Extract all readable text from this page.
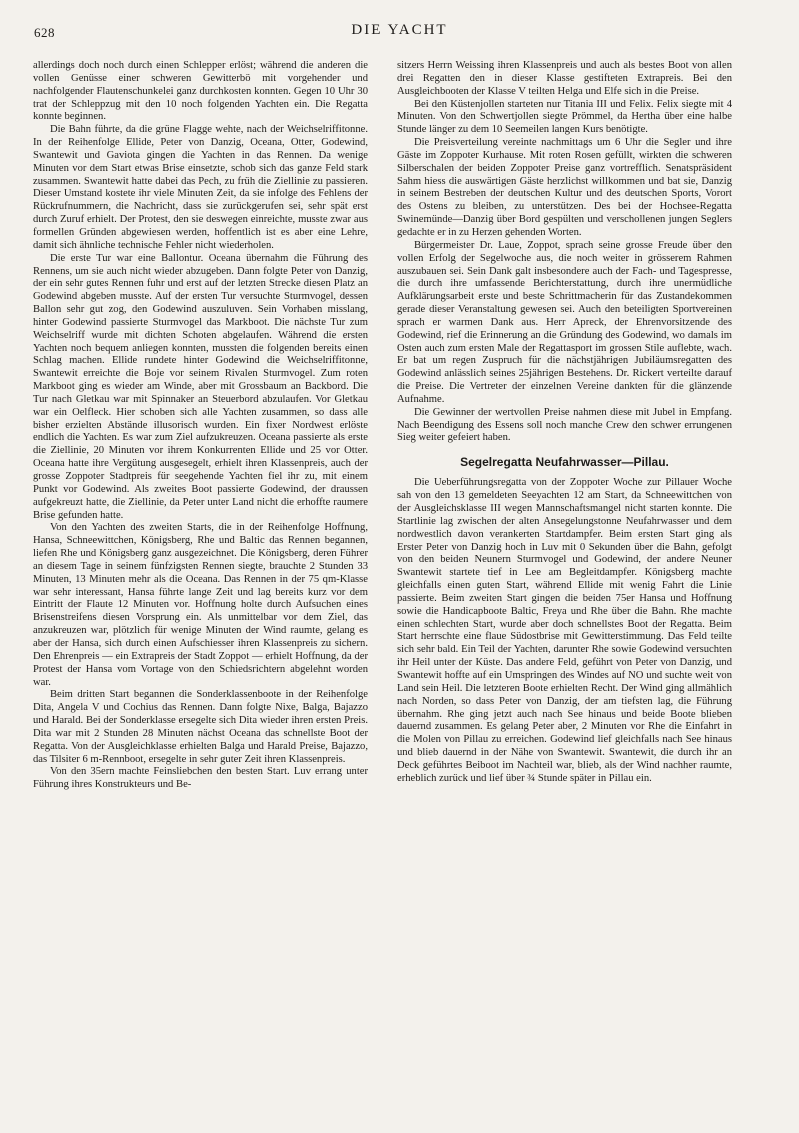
628	DIE YACHT

allerdings doch noch durch einen Schlepper erlöst; während die anderen die vollen Genüsse einer schweren Gewitterbö mit vorgehender und nachfolgender Flautenschunkelei ganz durchkosten konnten. Gegen 10 Uhr 30 trat der Schleppzug mit den 10 noch folgenden Yachten ein. Die Regatta konnte beginnen.

Die Bahn führte, da die grüne Flagge wehte, nach der Weichselriffitonne. In der Reihenfolge Ellide, Peter von Danzig, Oceana, Otter, Godewind, Swantewit und Gaviota gingen die Yachten in das Rennen. Da wenige Minuten vor dem Start etwas Brise einsetzte, schob sich das ganze Feld stark zusammen. Swantewit hatte dabei das Pech, zu früh die Ziellinie zu passieren. Dieser Umstand kostete ihr viele Minuten Zeit, da sie infolge des Fehlens der Rückrufnummern, die Nachricht, dass sie zurückgerufen sei, sehr spät erst durch Zuruf erhielt. Der Protest, den sie deswegen einreichte, musste zwar aus formellen Gründen abgewiesen werden, hoffentlich ist es aber eine Lehre, damit sich ähnliche technische Fehler nicht wiederholen.

Die erste Tur war eine Ballontur. Oceana übernahm die Führung des Rennens, um sie auch nicht wieder abzugeben. Dann folgte Peter von Danzig, der ein sehr gutes Rennen fuhr und erst auf der letzten Strecke diesen Platz an Godewind abgeben musste. Auf der ersten Tur versuchte Sturmvogel, dessen Ballon sehr gut zog, den Godewind auszuluven. Sein Vorhaben misslang, hinter Godewind passierte Sturmvogel das Markboot. Die nächste Tur zum Weichselriff wurde mit dichten Schoten abgelaufen. Während die ersten Yachten noch bequem anliegen konnten, mussten die folgenden bereits einen Schlag machen. Ellide rundete hinter Godewind die Weichselriffitonne, Swantewit erreichte die Boje vor seinem Rivalen Sturmvogel. Zum roten Markboot ging es wieder am Winde, aber mit Grossbaum an Backbord. Die Tur nach Gletkau war mit Spinnaker an Steuerbord abzulaufen. Vor Gletkau war ein Oelfleck. Hier schoben sich alle Yachten zusammen, so dass alle bisher erzielten Abstände illusorisch wurden. Ein fixer Nordwest erlöste endlich die Yachten. Es war zum Ziel aufzukreuzen. Oceana passierte als erste die Ziellinie, 20 Minuten vor ihrem Konkurrenten Ellide und 25 vor Otter. Oceana hatte ihre Vergütung ausgesegelt, erhielt ihren Klassenpreis, auch der grosse Zoppoter Stadtpreis für seegehende Yachten fiel ihr zu, mit einem Punkt vor Godewind. Als zweites Boot passierte Godewind, der draussen aufgekreuzt hatte, die Ziellinie, da Peter unter Land nicht die erhoffte raumere Brise gefunden hatte.

Von den Yachten des zweiten Starts, die in der Reihenfolge Hoffnung, Hansa, Schneewittchen, Königsberg, Rhe und Baltic das Rennen begannen, liefen Rhe und Königsberg ganz ausgezeichnet. Die Königsberg, deren Führer an diesem Tage in seinem fünfzigsten Rennen siegte, brauchte 2 Stunden 33 Minuten, 13 Minuten mehr als die Oceana. Das Rennen in der 75 qm-Klasse war sehr interessant, Hansa führte lange Zeit und lag bereits kurz vor dem Eintritt der Flaute 12 Minuten vor. Hoffnung holte durch Aufsuchen eines Brisenstreifens diesen Vorsprung ein. Als unmittelbar vor dem Ziel, das anzukreuzen war, plötzlich für wenige Minuten der Wind raumte, gelang es aber der Hansa, sich durch einen Aufschiesser ihren Klassenpreis zu sichern. Den Ehrenpreis — ein Extrapreis der Stadt Zoppot — erhielt Hoffnung, da der Protest der Hansa vom Vortage von den Schiedsrichtern abgelehnt worden war.

Beim dritten Start begannen die Sonderklassenboote in der Reihenfolge Dita, Angela V und Cochius das Rennen. Dann folgte Nixe, Balga, Bajazzo und Harald. Bei der Sonderklasse ersegelte sich Dita wieder ihren ersten Preis. Dita war mit 2 Stunden 28 Minuten nächst Oceana das schnellste Boot der Regatta. Von der Ausgleichklasse erhielten Balga und Harald Preise, Bajazzo, das Tilsiter 6 m-Rennboot, ersegelte in sehr guter Zeit ihren Klassenpreis.

Von den 35ern machte Feinsliebchen den besten Start. Luv errang unter Führung ihres Konstrukteurs und Be-

sitzers Herrn Weissing ihren Klassenpreis und auch als bestes Boot von allen drei Regatten den in dieser Klasse gestifteten Extrapreis. Bei den Ausgleichbooten der Klasse V teilten Helga und Elfe sich in die Preise.

Bei den Küstenjollen starteten nur Titania III und Felix. Felix siegte mit 4 Minuten. Von den Schwertjollen siegte Prömmel, da Hertha über eine halbe Stunde länger zu dem 10 Seemeilen langen Kurs benötigte.

Die Preisverteilung vereinte nachmittags um 6 Uhr die Segler und ihre Gäste im Zoppoter Kurhause. Mit roten Rosen gefüllt, wirkten die schweren Silberschalen der beiden Zoppoter Preise ganz vortrefflich. Senatspräsident Sahm hiess die auswärtigen Gäste herzlichst willkommen und bat sie, Danzig in seinem Bestreben der deutschen Kultur und des deutschen Sports, Vorort des Ostens zu bleiben, zu unterstützen. Des bei der Hochsee-Regatta Swinemünde—Danzig über Bord gespülten und verschollenen jungen Seglers gedachte er in zu Herzen gehenden Worten.

Bürgermeister Dr. Laue, Zoppot, sprach seine grosse Freude über den vollen Erfolg der Segelwoche aus, die noch weiter in grösserem Rahmen auszubauen sei. Sein Dank galt insbesondere auch der Fach- und Tagespresse, die durch ihre umfassende Berichterstattung, durch ihre unermüdliche Aufklärungsarbeit erste und beste Schrittmacherin für das Zustandekommen gerade dieser Veranstaltung gewesen sei. Auch den beteiligten Sportvereinen sprach er warmen Dank aus. Herr Apreck, der Ehrenvorsitzende des Godewind, rief die Erinnerung an die Gründung des Godewind, wo damals im Osten auch zum ersten Male der Regattasport im grossen Stile auflebte, wach. Er bat um regen Zuspruch für die nächstjährigen Jubiläumsregatten des Godewind anlässlich seines 25jährigen Bestehens. Dr. Rickert verteilte darauf die Preise. Die Vertreter der einzelnen Vereine dankten für die glänzende Aufnahme.

Die Gewinner der wertvollen Preise nahmen diese mit Jubel in Empfang. Nach Beendigung des Essens soll noch manche Crew den schwer errungenen Sieg weiter gefeiert haben.

Segelregatta Neufahrwasser—Pillau.

Die Ueberführungsregatta von der Zoppoter Woche zur Pillauer Woche sah von den 13 gemeldeten Seeyachten 12 am Start, da Schneewittchen von der Ausgleichsklasse III wegen Mannschaftsmangel nicht starten konnte. Die Startlinie lag zwischen der alten Ansegelungstonne Neufahrwasser und dem nordwestlich davon verankerten Startdampfer. Beim ersten Start ging als Erster Peter von Danzig hoch in Luv mit 0 Sekunden über die Bahn, gefolgt von den beiden Neunern Sturmvogel und Godewind, der andere Neuner Swantewit startete tief in Lee am Begleitdampfer. Königsberg machte gleichfalls einen guten Start, während Ellide mit wenig Fahrt die Linie passierte. Beim zweiten Start gingen die beiden 75er Hansa und Hoffnung sowie die Handicapboote Baltic, Freya und Rhe über die Bahn. Rhe machte einen schlechten Start, wurde aber doch schnellstes Boot der Regatta. Beim Start herrschte eine flaue Südostbrise mit Gewitterstimmung. Das Feld teilte sich sehr bald. Ein Teil der Yachten, darunter Rhe sowie Godewind versuchten ihr Heil unter der Küste. Das andere Feld, geführt von Peter von Danzig, und Swantewit hoffte auf ein Umspringen des Windes auf NO und suchte weit von Land sein Heil. Die letzteren Boote erhielten Recht. Der Wind ging allmählich nach Norden, so dass Peter von Danzig, der am tiefsten lag, die Führung übernahm. Rhe ging jetzt auch nach See hinaus und beide Boote blieben dauernd zusammen. Es gelang Peter aber, 2 Minuten vor Rhe die Einfahrt in die Molen von Pillau zu erreichen. Godewind lief gleichfalls nach See hinaus und blieb dauernd in der Nähe von Swantewit. Swantewit, die durch ihr an Deck geführtes Beiboot im Nachteil war, blieb, als der Wind nachher raumte, erheblich zurück und lief über ¾ Stunde später in Pillau ein.
